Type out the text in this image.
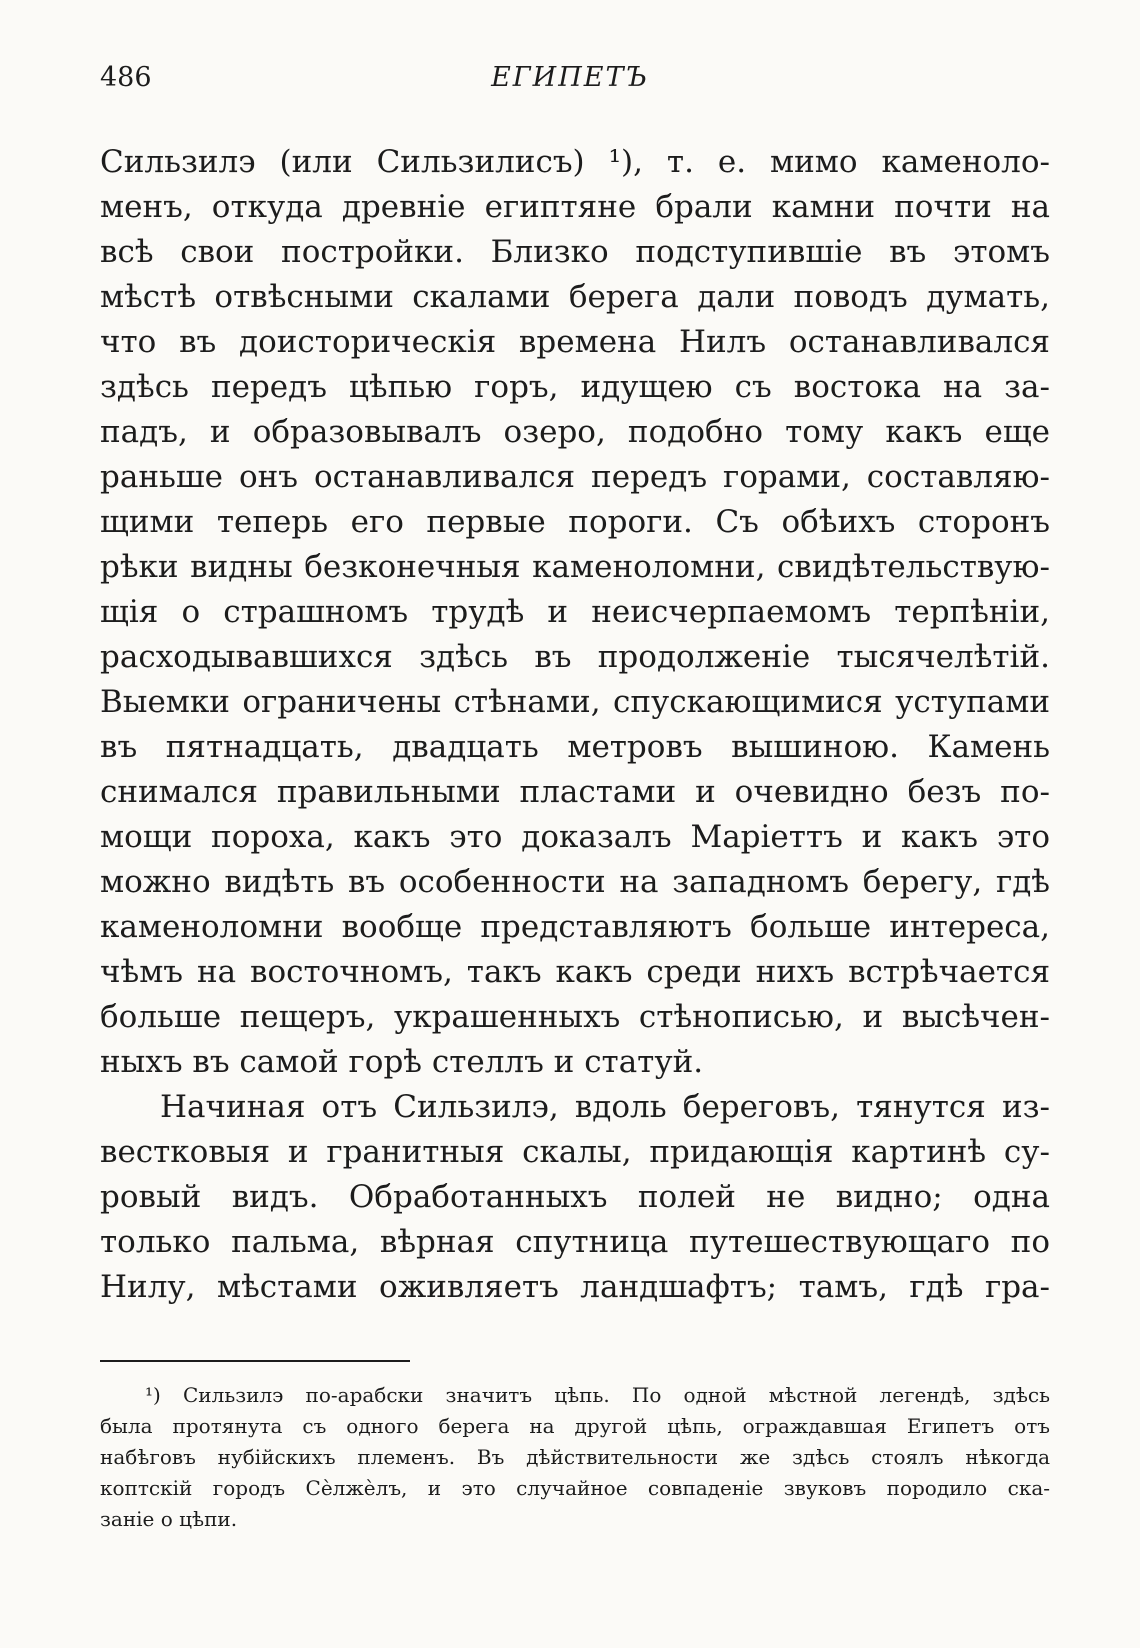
486	ЕГИПЕТЪ
Сильзилэ (или Сильзилисъ) ¹), т. е. мимо каменоло-
менъ, откуда древніе египтяне брали камни почти на
всѣ свои постройки. Близко подступившіе въ этомъ
мѣстѣ отвѣсными скалами берега дали поводъ думать,
что въ доисторическія времена Нилъ останавливался
здѣсь передъ цѣпью горъ, идущею съ востока на за-
падъ, и образовывалъ озеро, подобно тому какъ еще
раньше онъ останавливался передъ горами, составляю-
щими теперь его первые пороги. Съ обѣихъ сторонъ
рѣки видны безконечныя каменоломни, свидѣтельствую-
щія о страшномъ трудѣ и неисчерпаемомъ терпѣніи,
расходывавшихся здѣсь въ продолженіе тысячелѣтій.
Выемки ограничены стѣнами, спускающимися уступами
въ пятнадцать, двадцать метровъ вышиною. Камень
снимался правильными пластами и очевидно безъ по-
мощи пороха, какъ это доказалъ Маріеттъ и какъ это
можно видѣть въ особенности на западномъ берегу, гдѣ
каменоломни вообще представляютъ больше интереса,
чѣмъ на восточномъ, такъ какъ среди нихъ встрѣчается
больше пещеръ, украшенныхъ стѣнописью, и высѣчен-
ныхъ въ самой горѣ стеллъ и статуй.
Начиная отъ Сильзилэ, вдоль береговъ, тянутся из-
вестковыя и гранитныя скалы, придающія картинѣ су-
ровый видъ. Обработанныхъ полей не видно; одна
только пальма, вѣрная спутница путешествующаго по
Нилу, мѣстами оживляетъ ландшафтъ; тамъ, гдѣ гра-
¹) Сильзилэ по-арабски значитъ цѣпь. По одной мѣстной легендѣ, здѣсь
была протянута съ одного берега на другой цѣпь, ограждавшая Египетъ отъ
набѣговъ нубійскихъ племенъ. Въ дѣйствительности же здѣсь стоялъ нѣкогда
коптскій городъ Сѐлжѐлъ, и это случайное совпаденіе звуковъ породило ска-
заніе о цѣпи.
